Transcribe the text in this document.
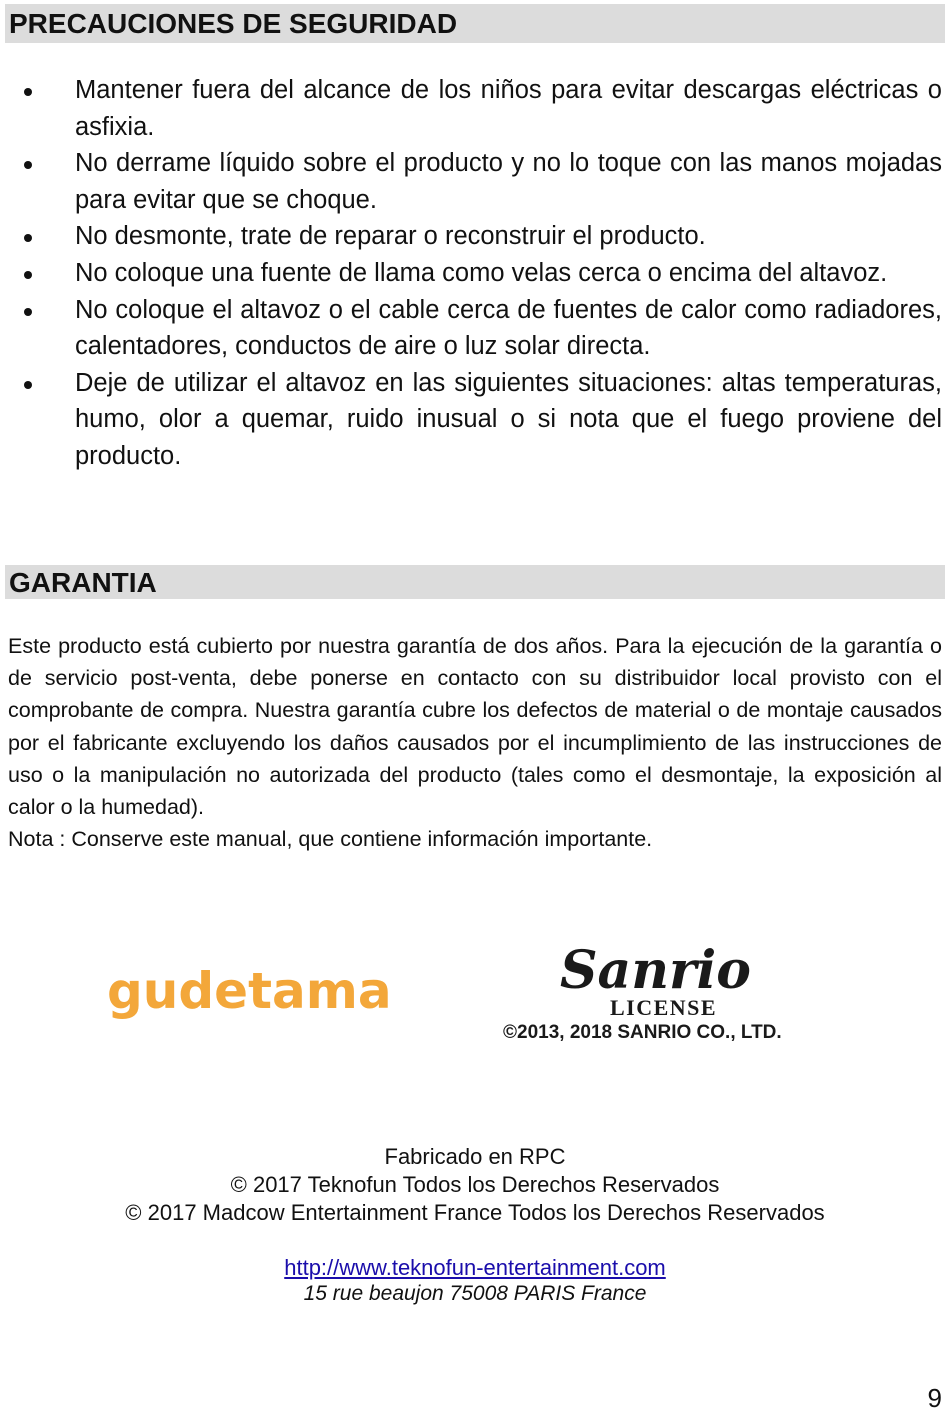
PRECAUCIONES DE SEGURIDAD
Mantener fuera del alcance de los niños para evitar descargas eléctricas o asfixia.
No derrame líquido sobre el producto y no lo toque con las manos mojadas para evitar que se choque.
No desmonte, trate de reparar o reconstruir el producto.
No coloque una fuente de llama como velas cerca o encima del altavoz.
No coloque el altavoz o el cable cerca de fuentes de calor como radiadores, calentadores, conductos de aire o luz solar directa.
Deje de utilizar el altavoz en las siguientes situaciones: altas temperaturas, humo, olor a quemar, ruido inusual o si nota que el fuego proviene del producto.
GARANTIA

Este producto está cubierto por nuestra garantía de dos años. Para la ejecución de la garantía o de servicio post-venta, debe ponerse en contacto con su distribuidor local provisto con el comprobante de compra. Nuestra garantía cubre los defectos de material o de montaje causados por el fabricante excluyendo los daños causados por el incumplimiento de las instrucciones de uso o la manipulación no autorizada del producto (tales como el desmontaje, la exposición al calor o la humedad).

Nota : Conserve este manual, que contiene información importante.

gudetama	Sanrio
LICENSE
©2013, 2018 SANRIO CO., LTD.
Fabricado en RPC
© 2017 Teknofun Todos los Derechos Reservados
© 2017 Madcow Entertainment France Todos los Derechos Reservados
http://www.teknofun-entertainment.com
15 rue beaujon 75008 PARIS France
9
